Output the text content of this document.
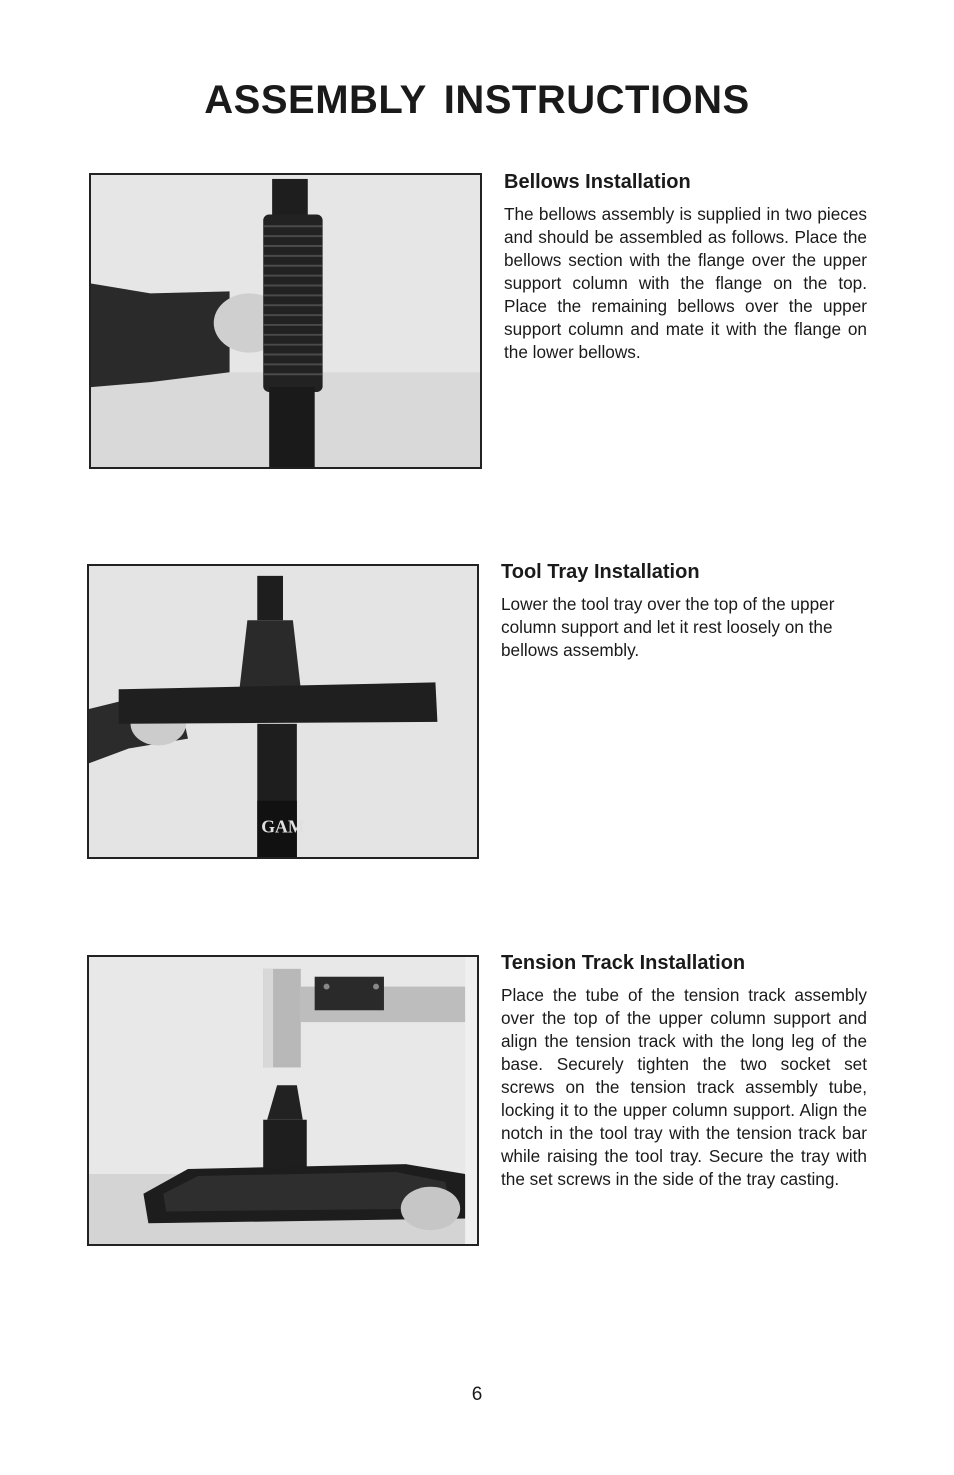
ASSEMBLY INSTRUCTIONS
Bellows Installation

The bellows assembly is supplied in two pieces and should be assembled as follows. Place the bellows section with the flange over the upper support column with the flange on the top. Place the remaining bellows over the upper support column and mate it with the flange on the lower bellows.

GAM
Tool Tray Installation

Lower the tool tray over the top of the upper column support and let it rest loosely on the bellows assembly.

Tension Track Installation

Place the tube of the tension track assembly over the top of the upper column support and align the tension track with the long leg of the base. Securely tighten the two socket set screws on the tension track assembly tube, locking it to the upper column support. Align the notch in the tool tray with the tension track bar while raising the tool tray. Secure the tray with the set screws in the side of the tray casting.

6
